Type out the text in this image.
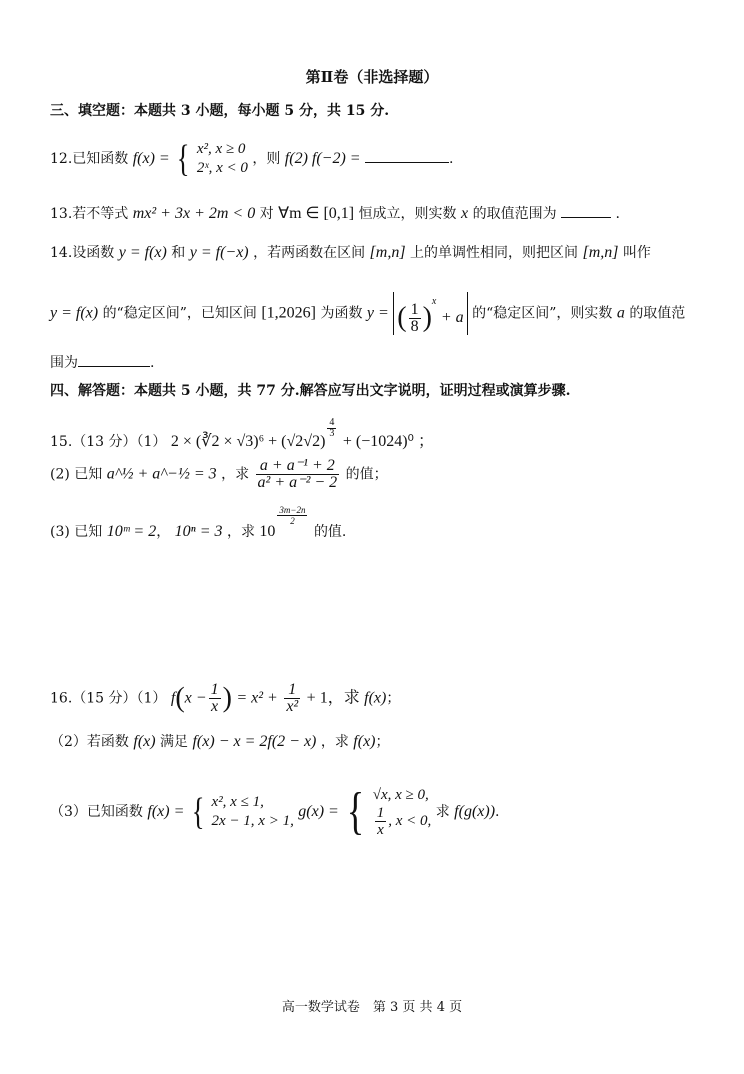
第Ⅱ卷（非选择题）
三、填空题：本题共 3 小题，每小题 5 分，共 15 分.
12.已知函数 f(x) = { x², x ≥ 0
2ˣ, x < 0
，则 f(2) f(−2) =	.
13.若不等式 mx² + 3x + 2m < 0 对 ∀m ∈ [0,1] 恒成立，则实数 x 的取值范围为	.
14.设函数 y = f(x) 和 y = f(−x) ，若两函数在区间 [m,n] 上的单调性相同，则把区间 [m,n] 叫作
y = f(x) 的“稳定区间”，已知区间 [1,2026] 为函数 y = ( $\frac{1}{8} )^x + a$ 的“稳定区间”，则实数 a 的取值范
围为	.
四、解答题：本题共 5 小题，共 77 分.解答应写出文字说明，证明过程或演算步骤.
15.（13 分）（1） 2 × (∛2 × √3)⁶ + (√2√2)
$\frac{4}{3}$
+ (−1024)⁰ ；
(2) 已知 a^½ + a^−½ = 3 ，求 $\frac{\text{a + a⁻¹ + 2}}{\text{a² + a⁻² − 2}}$ 的值；
(3) 已知 10ᵐ = 2， 10ⁿ = 3 ，求 10
$\frac{3m-2n}{2}$
的值.
16.（15 分）（1） $f(x - \frac{1}{x}$ ) = $x^2 + \frac{1}{\text{x²}} + 1$，求 f(x)；
（2）若函数 f(x) 满足 f(x) − x = 2f(2 − x) ，求 f(x)；
（3）已知函数 f(x) = { x², x ≤ 1,
2x − 1, x > 1,
g(x) = { √x, x ≥ 0,
$\frac{1}{x}$ , x < 0,
求 f(g(x)).
高一数学试卷　第 3 页 共 4 页
